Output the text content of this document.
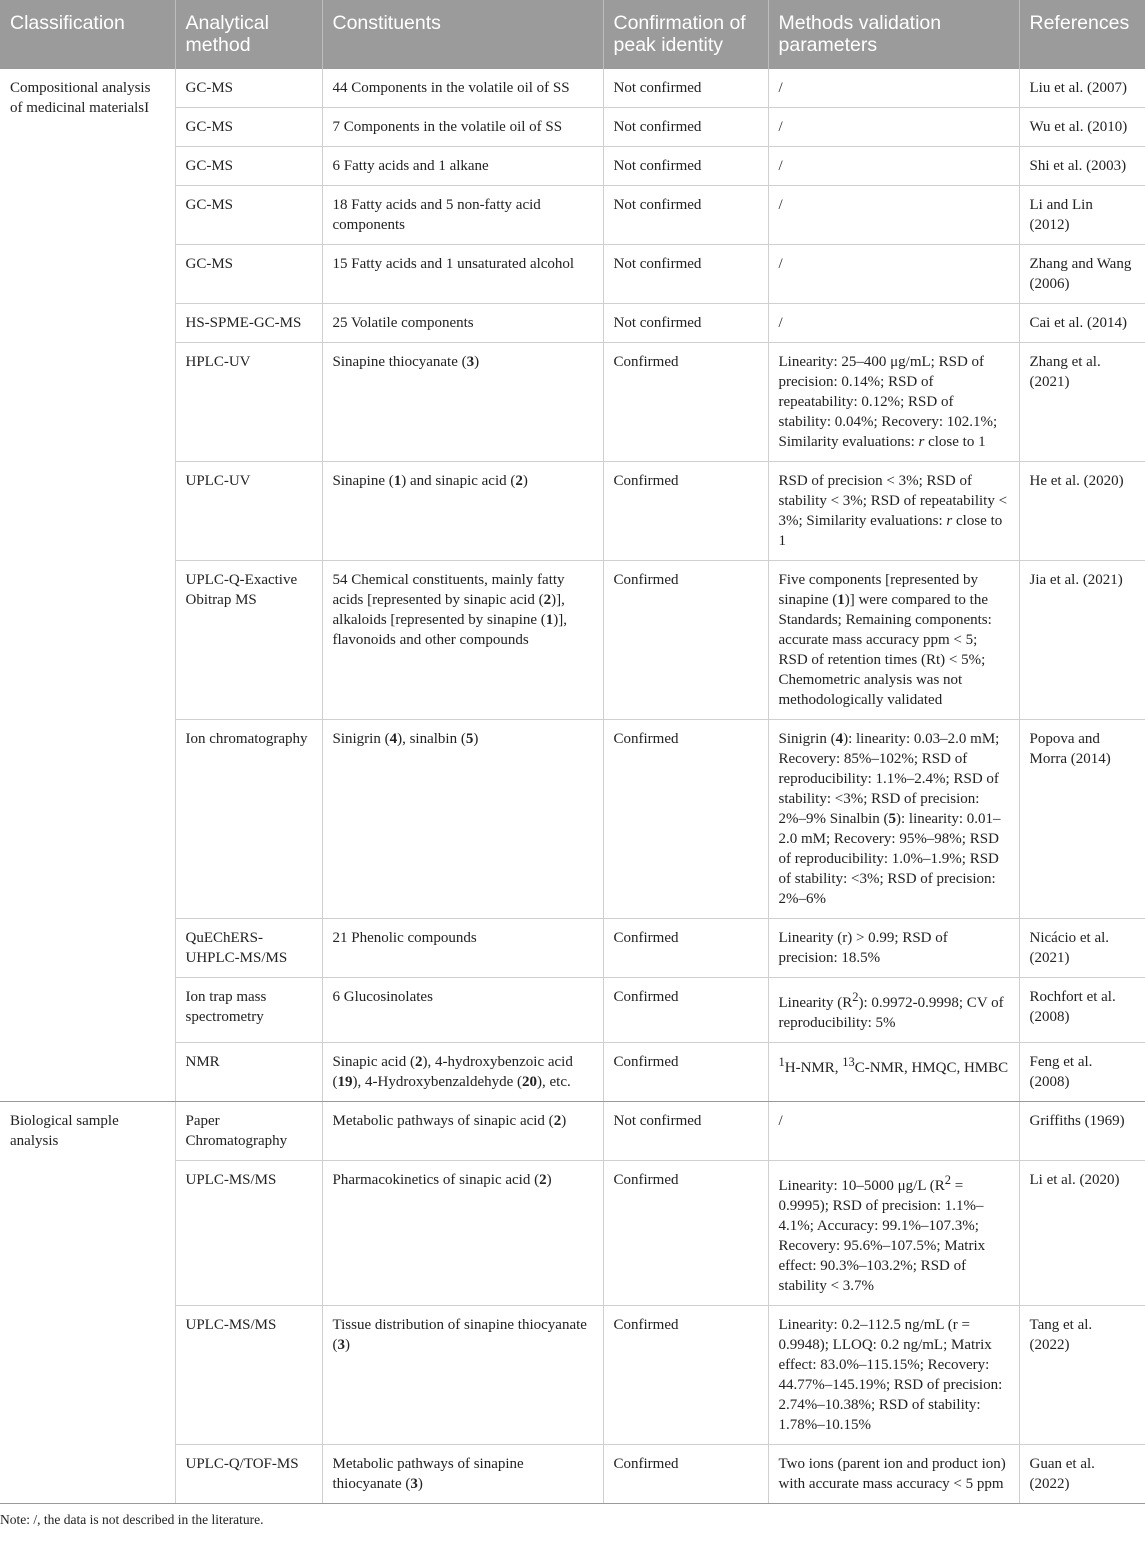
Classification	Analytical method	Constituents	Confirmation of peak identity	Methods validation parameters	References
Compositional analysis of medicinal materialsI	GC-MS	44 Components in the volatile oil of SS	Not confirmed	/	Liu et al. (2007)
	GC-MS	7 Components in the volatile oil of SS	Not confirmed	/	Wu et al. (2010)
	GC-MS	6 Fatty acids and 1 alkane	Not confirmed	/	Shi et al. (2003)
	GC-MS	18 Fatty acids and 5 non-fatty acid components	Not confirmed	/	Li and Lin (2012)
	GC-MS	15 Fatty acids and 1 unsaturated alcohol	Not confirmed	/	Zhang and Wang (2006)
	HS-SPME-GC-MS	25 Volatile components	Not confirmed	/	Cai et al. (2014)
	HPLC-UV	Sinapine thiocyanate (3)	Confirmed	Linearity: 25–400 μg/mL; RSD of precision: 0.14%; RSD of repeatability: 0.12%; RSD of stability: 0.04%; Recovery: 102.1%; Similarity evaluations: r close to 1	Zhang et al. (2021)
	UPLC-UV	Sinapine (1) and sinapic acid (2)	Confirmed	RSD of precision < 3%; RSD of stability < 3%; RSD of repeatability < 3%; Similarity evaluations: r close to 1	He et al. (2020)
	UPLC-Q-Exactive Obitrap MS	54 Chemical constituents, mainly fatty acids [represented by sinapic acid (2)], alkaloids [represented by sinapine (1)], flavonoids and other compounds	Confirmed	Five components [represented by sinapine (1)] were compared to the Standards; Remaining components: accurate mass accuracy ppm < 5; RSD of retention times (Rt) < 5%; Chemometric analysis was not methodologically validated	Jia et al. (2021)
	Ion chromatography	Sinigrin (4), sinalbin (5)	Confirmed	Sinigrin (4): linearity: 0.03–2.0 mM; Recovery: 85%–102%; RSD of reproducibility: 1.1%–2.4%; RSD of stability: <3%; RSD of precision: 2%–9% Sinalbin (5): linearity: 0.01–2.0 mM; Recovery: 95%–98%; RSD of reproducibility: 1.0%–1.9%; RSD of stability: <3%; RSD of precision: 2%–6%	Popova and Morra (2014)
	QuEChERS-UHPLC-MS/MS	21 Phenolic compounds	Confirmed	Linearity (r) > 0.99; RSD of precision: 18.5%	Nicácio et al. (2021)
	Ion trap mass spectrometry	6 Glucosinolates	Confirmed	Linearity $(R^2)$: 0.9972-0.9998; CV of reproducibility: 5%	Rochfort et al. (2008)
	NMR	Sinapic acid (2), 4-hydroxybenzoic acid (19), 4-Hydroxybenzaldehyde (20), etc.	Confirmed	$^1$H-NMR, $^{13}$C-NMR, HMQC, HMBC	Feng et al. (2008)
Biological sample analysis	Paper Chromatography	Metabolic pathways of sinapic acid (2)	Not confirmed	/	Griffiths (1969)
	UPLC-MS/MS	Pharmacokinetics of sinapic acid (2)	Confirmed	Linearity: 10–5000 μg/L $(R^2 = 0.9995)$; RSD of precision: 1.1%–4.1%; Accuracy: 99.1%–107.3%; Recovery: 95.6%–107.5%; Matrix effect: 90.3%–103.2%; RSD of stability < 3.7%	Li et al. (2020)
	UPLC-MS/MS	Tissue distribution of sinapine thiocyanate (3)	Confirmed	Linearity: 0.2–112.5 ng/mL (r = 0.9948); LLOQ: 0.2 ng/mL; Matrix effect: 83.0%–115.15%; Recovery: 44.77%–145.19%; RSD of precision: 2.74%–10.38%; RSD of stability: 1.78%–10.15%	Tang et al. (2022)
	UPLC-Q/TOF-MS	Metabolic pathways of sinapine thiocyanate (3)	Confirmed	Two ions (parent ion and product ion) with accurate mass accuracy < 5 ppm	Guan et al. (2022)
Note: /, the data is not described in the literature.
